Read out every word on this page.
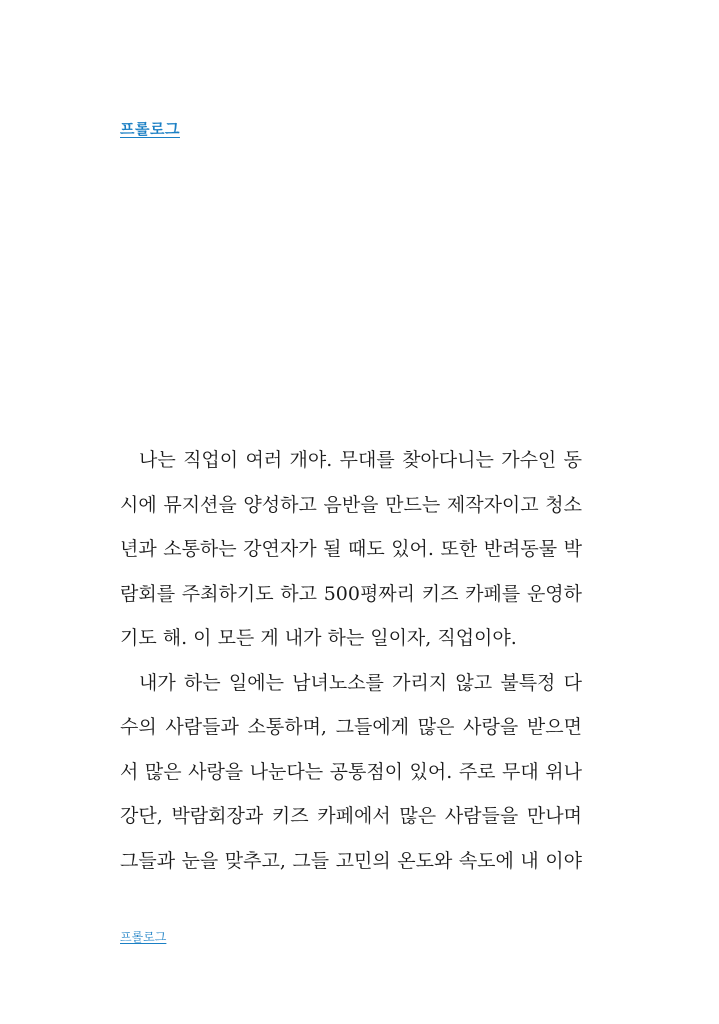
프롤로그
나는 직업이 여러 개야. 무대를 찾아다니는 가수인 동
시에 뮤지션을 양성하고 음반을 만드는 제작자이고 청소
년과 소통하는 강연자가 될 때도 있어. 또한 반려동물 박
람회를 주최하기도 하고 500평짜리 키즈 카페를 운영하
기도 해. 이 모든 게 내가 하는 일이자, 직업이야.
내가 하는 일에는 남녀노소를 가리지 않고 불특정 다
수의 사람들과 소통하며, 그들에게 많은 사랑을 받으면
서 많은 사랑을 나눈다는 공통점이 있어. 주로 무대 위나
강단, 박람회장과 키즈 카페에서 많은 사람들을 만나며
그들과 눈을 맞추고, 그들 고민의 온도와 속도에 내 이야
프롤로그
